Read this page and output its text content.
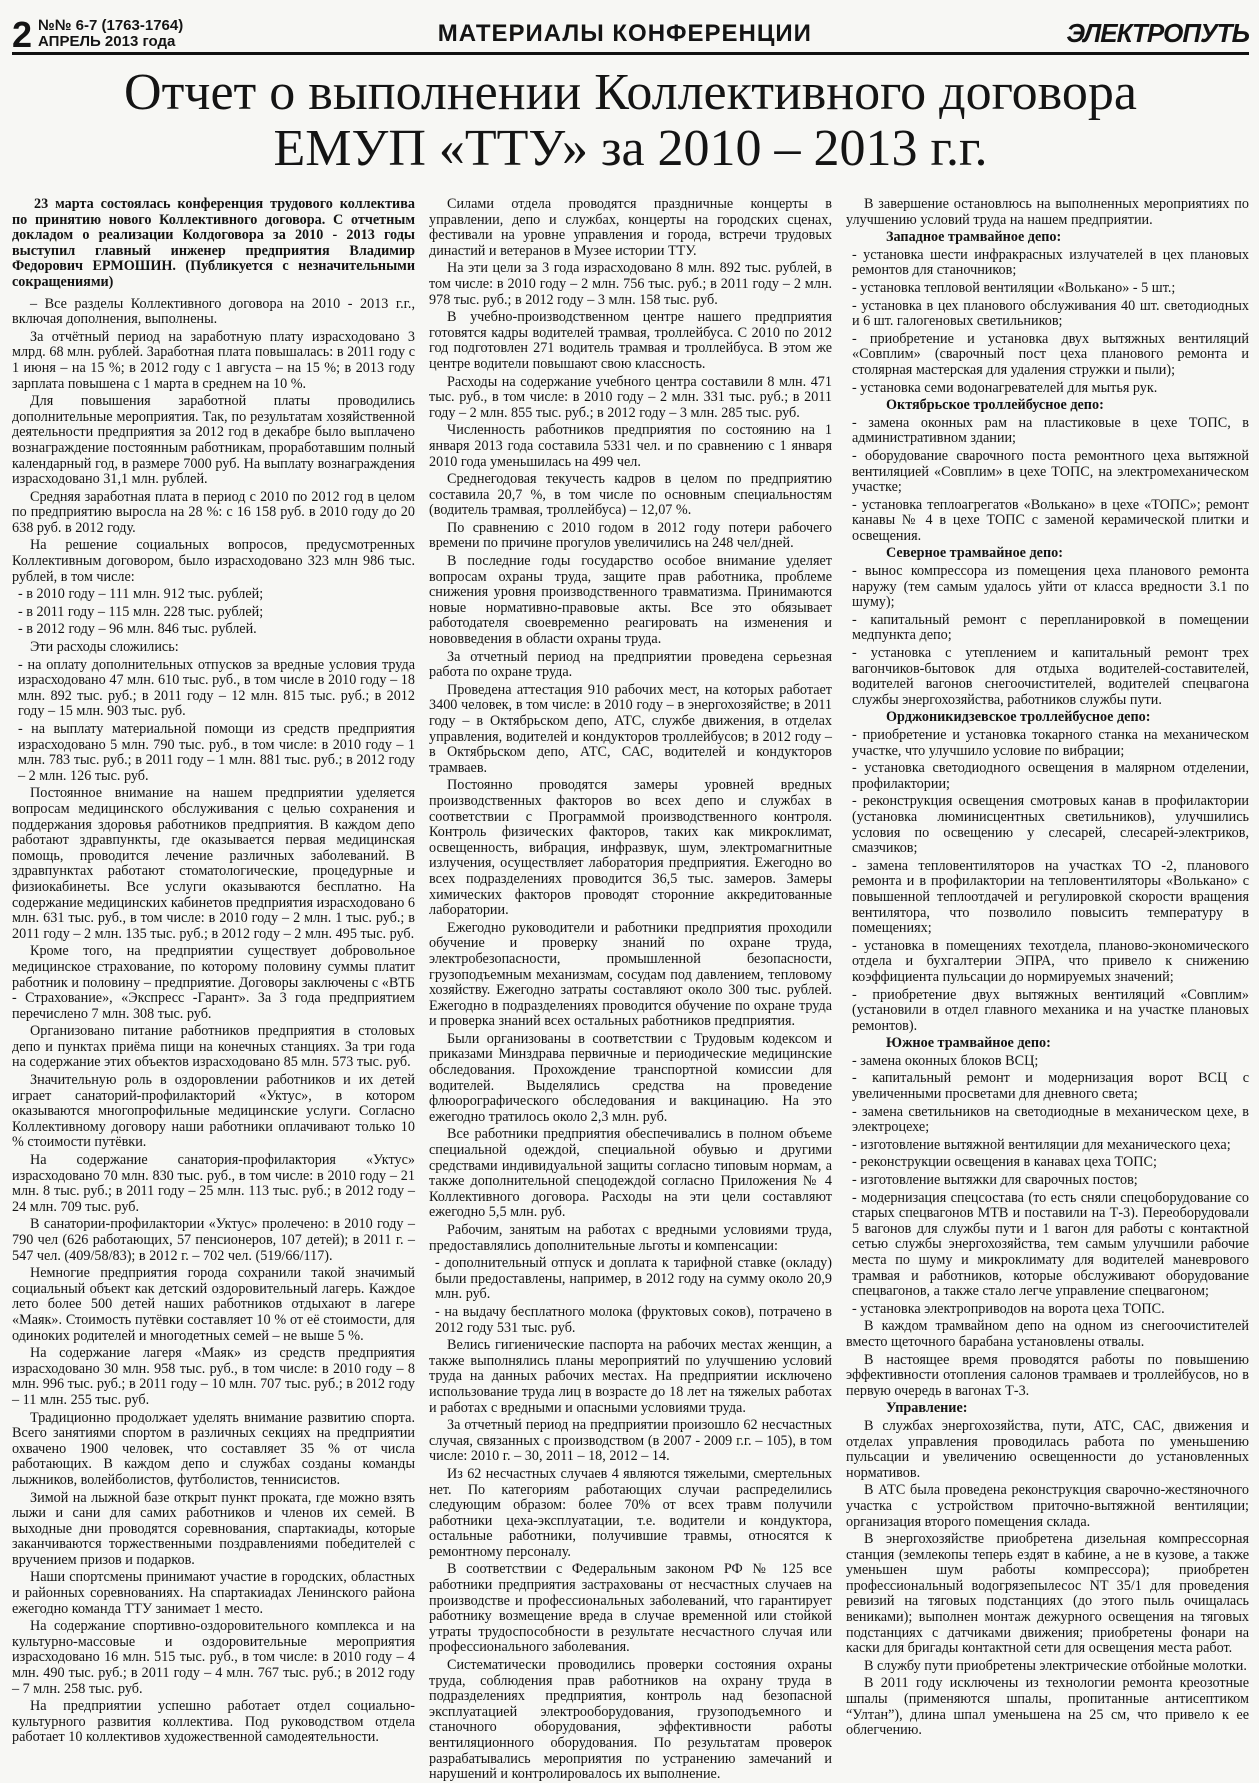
2 №№ 6-7 (1763-1764)
АПРЕЛЬ 2013 года	МАТЕРИАЛЫ КОНФЕРЕНЦИИ	ЭЛЕКТРОПУТЬ
Отчет о выполнении Коллективного договора
ЕМУП «ТТУ» за 2010 – 2013 г.г.

23 марта состоялась конференция трудового коллектива по принятию нового Коллективного договора. С отчетным докладом о реализации Колдоговора за 2010 - 2013 годы выступил главный инженер предприятия Владимир Федорович ЕРМОШИН. (Публикуется с незначительными сокращениями)

– Все разделы Коллективного договора на 2010 - 2013 г.г., включая дополнения, выполнены.

За отчётный период на заработную плату израсходовано 3 млрд. 68 млн. рублей. Заработная плата повышалась: в 2011 году с 1 июня – на 15 %; в 2012 году с 1 августа – на 15 %; в 2013 году зарплата повышена с 1 марта в среднем на 10 %.

Для повышения заработной платы проводились дополнительные мероприятия. Так, по результатам хозяйственной деятельности предприятия за 2012 год в декабре было выплачено вознаграждение постоянным работникам, проработавшим полный календарный год, в размере 7000 руб. На выплату вознаграждения израсходовано 31,1 млн. рублей.

Средняя заработная плата в период с 2010 по 2012 год в целом по предприятию выросла на 28 %: с 16 158 руб. в 2010 году до 20 638 руб. в 2012 году.

На решение социальных вопросов, предусмотренных Коллективным договором, было израсходовано 323 млн 986 тыс. рублей, в том числе:

- в 2010 году – 111 млн. 912 тыс. рублей;

- в 2011 году – 115 млн. 228 тыс. рублей;

- в 2012 году – 96 млн. 846 тыс. рублей.

Эти расходы сложились:

- на оплату дополнительных отпусков за вредные условия труда израсходовано 47 млн. 610 тыс. руб., в том числе в 2010 году – 18 млн. 892 тыс. руб.; в 2011 году – 12 млн. 815 тыс. руб.; в 2012 году – 15 млн. 903 тыс. руб.

- на выплату материальной помощи из средств предприятия израсходовано 5 млн. 790 тыс. руб., в том числе: в 2010 году – 1 млн. 783 тыс. руб.; в 2011 году – 1 млн. 881 тыс. руб.; в 2012 году – 2 млн. 126 тыс. руб.

Постоянное внимание на нашем предприятии уделяется вопросам медицинского обслуживания с целью сохранения и поддержания здоровья работников предприятия. В каждом депо работают здравпункты, где оказывается первая медицинская помощь, проводится лечение различных заболеваний. В здравпунктах работают стоматологические, процедурные и физиокабинеты. Все услуги оказываются бесплатно. На содержание медицинских кабинетов предприятия израсходовано 6 млн. 631 тыс. руб., в том числе: в 2010 году – 2 млн. 1 тыс. руб.; в 2011 году – 2 млн. 135 тыс. руб.; в 2012 году – 2 млн. 495 тыс. руб.

Кроме того, на предприятии существует добровольное медицинское страхование, по которому половину суммы платит работник и половину – предприятие. Договоры заключены с «ВТБ - Страхование», «Экспресс -Гарант». За 3 года предприятием перечислено 7 млн. 308 тыс. руб.

Организовано питание работников предприятия в столовых депо и пунктах приёма пищи на конечных станциях. За три года на содержание этих объектов израсходовано 85 млн. 573 тыс. руб.

Значительную роль в оздоровлении работников и их детей играет санаторий-профилакторий «Уктус», в котором оказываются многопрофильные медицинские услуги. Согласно Коллективному договору наши работники оплачивают только 10 % стоимости путёвки.

На содержание санатория-профилактория «Уктус» израсходовано 70 млн. 830 тыс. руб., в том числе: в 2010 году – 21 млн. 8 тыс. руб.; в 2011 году – 25 млн. 113 тыс. руб.; в 2012 году – 24 млн. 709 тыс. руб.

В санатории-профилактории «Уктус» пролечено: в 2010 году – 790 чел (626 работающих, 57 пенсионеров, 107 детей); в 2011 г. – 547 чел. (409/58/83); в 2012 г. – 702 чел. (519/66/117).

Немногие предприятия города сохранили такой значимый социальный объект как детский оздоровительный лагерь. Каждое лето более 500 детей наших работников отдыхают в лагере «Маяк». Стоимость путёвки составляет 10 % от её стоимости, для одиноких родителей и многодетных семей – не выше 5 %.

На содержание лагеря «Маяк» из средств предприятия израсходовано 30 млн. 958 тыс. руб., в том числе: в 2010 году – 8 млн. 996 тыс. руб.; в 2011 году – 10 млн. 707 тыс. руб.; в 2012 году – 11 млн. 255 тыс. руб.

Традиционно продолжает уделять внимание развитию спорта. Всего занятиями спортом в различных секциях на предприятии охвачено 1900 человек, что составляет 35 % от числа работающих. В каждом депо и службах созданы команды лыжников, волейболистов, футболистов, теннисистов.

Зимой на лыжной базе открыт пункт проката, где можно взять лыжи и сани для самих работников и членов их семей. В выходные дни проводятся соревнования, спартакиады, которые заканчиваются торжественными поздравлениями победителей с вручением призов и подарков.

Наши спортсмены принимают участие в городских, областных и районных соревнованиях. На спартакиадах Ленинского района ежегодно команда ТТУ занимает 1 место.

На содержание спортивно-оздоровительного комплекса и на культурно-массовые и оздоровительные мероприятия израсходовано 16 млн. 515 тыс. руб., в том числе: в 2010 году – 4 млн. 490 тыс. руб.; в 2011 году – 4 млн. 767 тыс. руб.; в 2012 году – 7 млн. 258 тыс. руб.

На предприятии успешно работает отдел социально-культурного развития коллектива. Под руководством отдела работает 10 коллективов художественной самодеятельности.

Силами отдела проводятся праздничные концерты в управлении, депо и службах, концерты на городских сценах, фестивали на уровне управления и города, встречи трудовых династий и ветеранов в Музее истории ТТУ.

На эти цели за 3 года израсходовано 8 млн. 892 тыс. рублей, в том числе: в 2010 году – 2 млн. 756 тыс. руб.; в 2011 году – 2 млн. 978 тыс. руб.; в 2012 году – 3 млн. 158 тыс. руб.

В учебно-производственном центре нашего предприятия готовятся кадры водителей трамвая, троллейбуса. С 2010 по 2012 год подготовлен 271 водитель трамвая и троллейбуса. В этом же центре водители повышают свою классность.

Расходы на содержание учебного центра составили 8 млн. 471 тыс. руб., в том числе: в 2010 году – 2 млн. 331 тыс. руб.; в 2011 году – 2 млн. 855 тыс. руб.; в 2012 году – 3 млн. 285 тыс. руб.

Численность работников предприятия по состоянию на 1 января 2013 года составила 5331 чел. и по сравнению с 1 января 2010 года уменьшилась на 499 чел.

Среднегодовая текучесть кадров в целом по предприятию составила 20,7 %, в том числе по основным специальностям (водитель трамвая, троллейбуса) – 12,07 %.

По сравнению с 2010 годом в 2012 году потери рабочего времени по причине прогулов увеличились на 248 чел/дней.

В последние годы государство особое внимание уделяет вопросам охраны труда, защите прав работника, проблеме снижения уровня производственного травматизма. Принимаются новые нормативно-правовые акты. Все это обязывает работодателя своевременно реагировать на изменения и нововведения в области охраны труда.

За отчетный период на предприятии проведена серьезная работа по охране труда.

Проведена аттестация 910 рабочих мест, на которых работает 3400 человек, в том числе: в 2010 году – в энергохозяйстве; в 2011 году – в Октябрьском депо, АТС, службе движения, в отделах управления, водителей и кондукторов троллейбусов; в 2012 году – в Октябрьском депо, АТС, САС, водителей и кондукторов трамваев.

Постоянно проводятся замеры уровней вредных производственных факторов во всех депо и службах в соответствии с Программой производственного контроля. Контроль физических факторов, таких как микроклимат, освещенность, вибрация, инфразвук, шум, электромагнитные излучения, осуществляет лаборатория предприятия. Ежегодно во всех подразделениях проводится 36,5 тыс. замеров. Замеры химических факторов проводят сторонние аккредитованные лаборатории.

Ежегодно руководители и работники предприятия проходили обучение и проверку знаний по охране труда, электробезопасности, промышленной безопасности, грузоподъемным механизмам, сосудам под давлением, тепловому хозяйству. Ежегодно затраты составляют около 300 тыс. рублей. Ежегодно в подразделениях проводится обучение по охране труда и проверка знаний всех остальных работников предприятия.

Были организованы в соответствии с Трудовым кодексом и приказами Минздрава первичные и периодические медицинские обследования. Прохождение транспортной комиссии для водителей. Выделялись средства на проведение флюорографического обследования и вакцинацию. На это ежегодно тратилось около 2,3 млн. руб.

Все работники предприятия обеспечивались в полном объеме специальной одеждой, специальной обувью и другими средствами индивидуальной защиты согласно типовым нормам, а также дополнительной спецодеждой согласно Приложения № 4 Коллективного договора. Расходы на эти цели составляют ежегодно 5,5 млн. руб.

Рабочим, занятым на работах с вредными условиями труда, предоставлялись дополнительные льготы и компенсации:

- дополнительный отпуск и доплата к тарифной ставке (окладу) были предоставлены, например, в 2012 году на сумму около 20,9 млн. руб.

- на выдачу бесплатного молока (фруктовых соков), потрачено в 2012 году 531 тыс. руб.

Велись гигиенические паспорта на рабочих местах женщин, а также выполнялись планы мероприятий по улучшению условий труда на данных рабочих местах. На предприятии исключено использование труда лиц в возрасте до 18 лет на тяжелых работах и работах с вредными и опасными условиями труда.

За отчетный период на предприятии произошло 62 несчастных случая, связанных с производством (в 2007 - 2009 г.г. – 105), в том числе: 2010 г. – 30, 2011 – 18, 2012 – 14.

Из 62 несчастных случаев 4 являются тяжелыми, смертельных нет. По категориям работающих случаи распределились следующим образом: более 70% от всех травм получили работники цеха-эксплуатации, т.е. водители и кондуктора, остальные работники, получившие травмы, относятся к ремонтному персоналу.

В соответствии с Федеральным законом РФ № 125 все работники предприятия застрахованы от несчастных случаев на производстве и профессиональных заболеваний, что гарантирует работнику возмещение вреда в случае временной или стойкой утраты трудоспособности в результате несчастного случая или профессионального заболевания.

Систематически проводились проверки состояния охраны труда, соблюдения прав работников на охрану труда в подразделениях предприятия, контроль над безопасной эксплуатацией электрооборудования, грузоподъемного и станочного оборудования, эффективности работы вентиляционного оборудования. По результатам проверок разрабатывались мероприятия по устранению замечаний и нарушений и контролировалось их выполнение.

В завершение остановлюсь на выполненных мероприятиях по улучшению условий труда на нашем предприятии.

Западное трамвайное депо:

- установка шести инфракрасных излучателей в цех плановых ремонтов для станочников;

- установка тепловой вентиляции «Волькано» - 5 шт.;

- установка в цех планового обслуживания 40 шт. светодиодных и 6 шт. галогеновых светильников;

- приобретение и установка двух вытяжных вентиляций «Совплим» (сварочный пост цеха планового ремонта и столярная мастерская для удаления стружки и пыли);

- установка семи водонагревателей для мытья рук.

Октябрьское троллейбусное депо:

- замена оконных рам на пластиковые в цехе ТОПС, в административном здании;

- оборудование сварочного поста ремонтного цеха вытяжной вентиляцией «Совплим» в цехе ТОПС, на электромеханическом участке;

- установка теплоагрегатов «Волькано» в цехе «ТОПС»; ремонт канавы № 4 в цехе ТОПС с заменой керамической плитки и освещения.

Северное трамвайное депо:

- вынос компрессора из помещения цеха планового ремонта наружу (тем самым удалось уйти от класса вредности 3.1 по шуму);

- капитальный ремонт с перепланировкой в помещении медпункта депо;

- установка с утеплением и капитальный ремонт трех вагончиков-бытовок для отдыха водителей-составителей, водителей вагонов снегоочистителей, водителей спецвагона службы энергохозяйства, работников службы пути.

Орджоникидзевское троллейбусное депо:

- приобретение и установка токарного станка на механическом участке, что улучшило условие по вибрации;

- установка светодиодного освещения в малярном отделении, профилактории;

- реконструкция освещения смотровых канав в профилактории (установка люминисцентных светильников), улучшились условия по освещению у слесарей, слесарей-электриков, смазчиков;

- замена тепловентиляторов на участках ТО -2, планового ремонта и в профилактории на тепловентиляторы «Волькано» с повышенной теплоотдачей и регулировкой скорости вращения вентилятора, что позволило повысить температуру в помещениях;

- установка в помещениях техотдела, планово-экономического отдела и бухгалтерии ЭПРА, что привело к снижению коэффициента пульсации до нормируемых значений;

- приобретение двух вытяжных вентиляций «Совплим» (установили в отдел главного механика и на участке плановых ремонтов).

Южное трамвайное депо:

- замена оконных блоков ВСЦ;

- капитальный ремонт и модернизация ворот ВСЦ с увеличенными просветами для дневного света;

- замена светильников на светодиодные в механическом цехе, в электроцехе;

- изготовление вытяжной вентиляции для механического цеха;

- реконструкции освещения в канавах цеха ТОПС;

- изготовление вытяжки для сварочных постов;

- модернизация спецсостава (то есть сняли спецоборудование со старых спецвагонов МТВ и поставили на Т-3). Переоборудовали 5 вагонов для службы пути и 1 вагон для работы с контактной сетью службы энергохозяйства, тем самым улучшили рабочие места по шуму и микроклимату для водителей маневрового трамвая и работников, которые обслуживают оборудование спецвагонов, а также стало легче управление спецвагоном;

- установка электроприводов на ворота цеха ТОПС.

В каждом трамвайном депо на одном из снегоочистителей вместо щеточного барабана установлены отвалы.

В настоящее время проводятся работы по повышению эффективности отопления салонов трамваев и троллейбусов, но в первую очередь в вагонах Т-3.

Управление:

В службах энергохозяйства, пути, АТС, САС, движения и отделах управления проводилась работа по уменьшению пульсации и увеличению освещенности до установленных нормативов.

В АТС была проведена реконструкция сварочно-жестяночного участка с устройством приточно-вытяжной вентиляции; организация второго помещения склада.

В энергохозяйстве приобретена дизельная компрессорная станция (землекопы теперь ездят в кабине, а не в кузове, а также уменьшен шум работы компрессора); приобретен профессиональный водогрязепылесос NT 35/1 для проведения ревизий на тяговых подстанциях (до этого пыль очищалась вениками); выполнен монтаж дежурного освещения на тяговых подстанциях с датчиками движения; приобретены фонари на каски для бригады контактной сети для освещения места работ.

В службу пути приобретены электрические отбойные молотки.

В 2011 году исключены из технологии ремонта креозотные шпалы (применяются шпалы, пропитанные антисептиком “Ултан”), длина шпал уменьшена на 25 см, что привело к ее облегчению.
